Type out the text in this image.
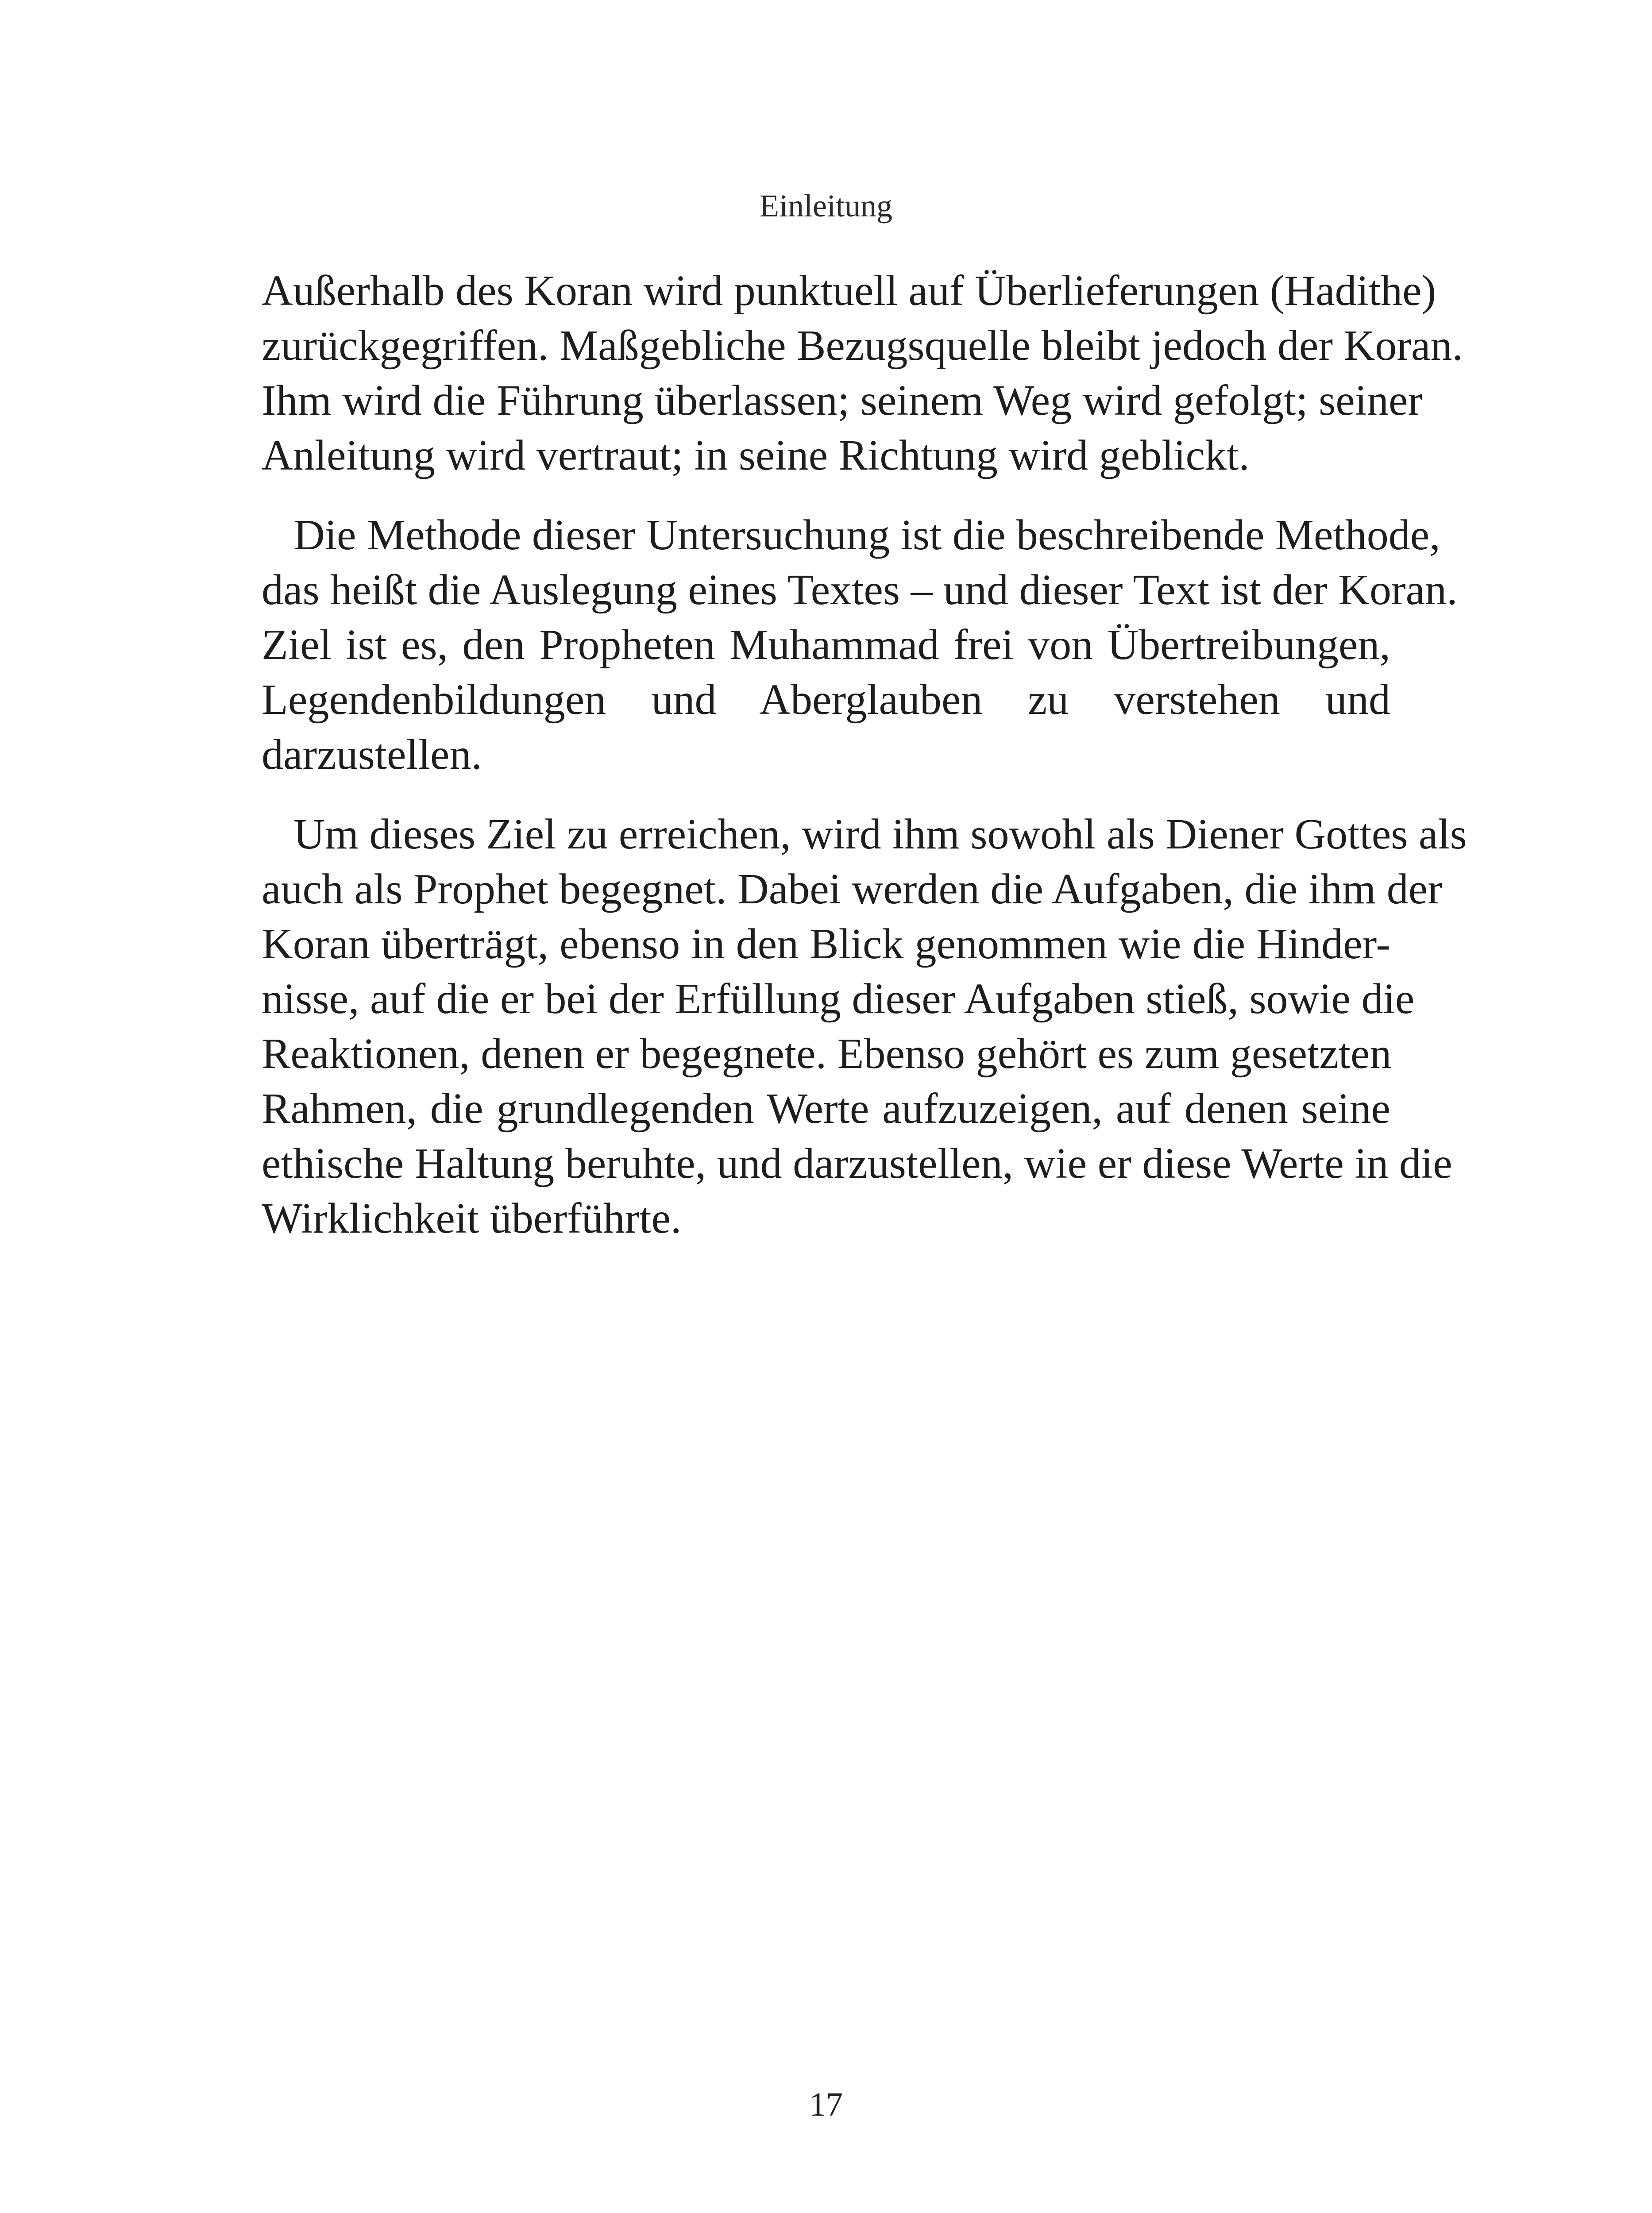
Einleitung

Außerhalb des Koran wird punktuell auf Überlieferungen (Hadithe)
zurückgegriffen. Maßgebliche Bezugsquelle bleibt jedoch der Koran.
Ihm wird die Führung überlassen; seinem Weg wird gefolgt; seiner
Anleitung wird vertraut; in seine Richtung wird geblickt.

Die Methode dieser Untersuchung ist die beschreibende Methode,
das heißt die Auslegung eines Textes – und dieser Text ist der Koran.
Ziel ist es, den Propheten Muhammad frei von Übertreibungen,
Legendenbildungen und Aberglauben zu verstehen und
darzustellen.

Um dieses Ziel zu erreichen, wird ihm sowohl als Diener Gottes als
auch als Prophet begegnet. Dabei werden die Aufgaben, die ihm der
Koran überträgt, ebenso in den Blick genommen wie die Hinder-
nisse, auf die er bei der Erfüllung dieser Aufgaben stieß, sowie die
Reaktionen, denen er begegnete. Ebenso gehört es zum gesetzten
Rahmen, die grundlegenden Werte aufzuzeigen, auf denen seine
ethische Haltung beruhte, und darzustellen, wie er diese Werte in die
Wirklichkeit überführte.

17
